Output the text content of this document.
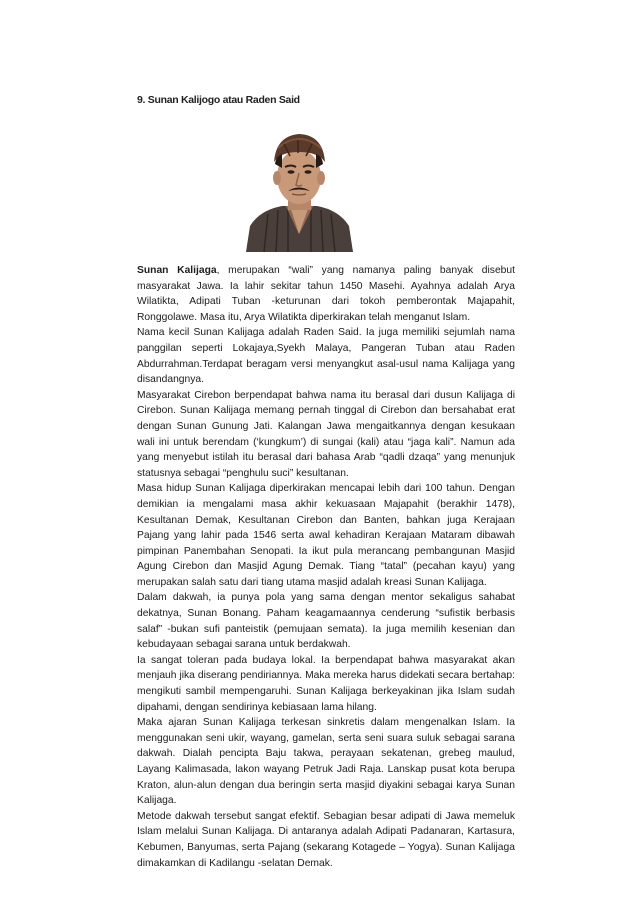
9. Sunan Kalijogo atau Raden Said

Sunan Kalijaga, merupakan “wali” yang namanya paling banyak disebut masyarakat Jawa. Ia lahir sekitar tahun 1450 Masehi. Ayahnya adalah Arya Wilatikta, Adipati Tuban -keturunan dari tokoh pemberontak Majapahit, Ronggolawe. Masa itu, Arya Wilatikta diperkirakan telah menganut Islam.

Nama kecil Sunan Kalijaga adalah Raden Said. Ia juga memiliki sejumlah nama panggilan seperti Lokajaya,Syekh Malaya, Pangeran Tuban atau Raden Abdurrahman.Terdapat beragam versi menyangkut asal-usul nama Kalijaga yang disandangnya.

Masyarakat Cirebon berpendapat bahwa nama itu berasal dari dusun Kalijaga di Cirebon. Sunan Kalijaga memang pernah tinggal di Cirebon dan bersahabat erat dengan Sunan Gunung Jati. Kalangan Jawa mengaitkannya dengan kesukaan wali ini untuk berendam (‘kungkum’) di sungai (kali) atau “jaga kali”. Namun ada yang menyebut istilah itu berasal dari bahasa Arab “qadli dzaqa” yang menunjuk statusnya sebagai “penghulu suci” kesultanan.

Masa hidup Sunan Kalijaga diperkirakan mencapai lebih dari 100 tahun. Dengan demikian ia mengalami masa akhir kekuasaan Majapahit (berakhir 1478), Kesultanan Demak, Kesultanan Cirebon dan Banten, bahkan juga Kerajaan Pajang yang lahir pada 1546 serta awal kehadiran Kerajaan Mataram dibawah pimpinan Panembahan Senopati. Ia ikut pula merancang pembangunan Masjid Agung Cirebon dan Masjid Agung Demak. Tiang “tatal” (pecahan kayu) yang merupakan salah satu dari tiang utama masjid adalah kreasi Sunan Kalijaga.

Dalam dakwah, ia punya pola yang sama dengan mentor sekaligus sahabat dekatnya, Sunan Bonang. Paham keagamaannya cenderung “sufistik berbasis salaf” -bukan sufi panteistik (pemujaan semata). Ia juga memilih kesenian dan kebudayaan sebagai sarana untuk berdakwah.

Ia sangat toleran pada budaya lokal. Ia berpendapat bahwa masyarakat akan menjauh jika diserang pendiriannya. Maka mereka harus didekati secara bertahap: mengikuti sambil mempengaruhi. Sunan Kalijaga berkeyakinan jika Islam sudah dipahami, dengan sendirinya kebiasaan lama hilang.

Maka ajaran Sunan Kalijaga terkesan sinkretis dalam mengenalkan Islam. Ia menggunakan seni ukir, wayang, gamelan, serta seni suara suluk sebagai sarana dakwah. Dialah pencipta Baju takwa, perayaan sekatenan, grebeg maulud, Layang Kalimasada, lakon wayang Petruk Jadi Raja. Lanskap pusat kota berupa Kraton, alun-alun dengan dua beringin serta masjid diyakini sebagai karya Sunan Kalijaga.

Metode dakwah tersebut sangat efektif. Sebagian besar adipati di Jawa memeluk Islam melalui Sunan Kalijaga. Di antaranya adalah Adipati Padanaran, Kartasura, Kebumen, Banyumas, serta Pajang (sekarang Kotagede – Yogya). Sunan Kalijaga dimakamkan di Kadilangu -selatan Demak.
